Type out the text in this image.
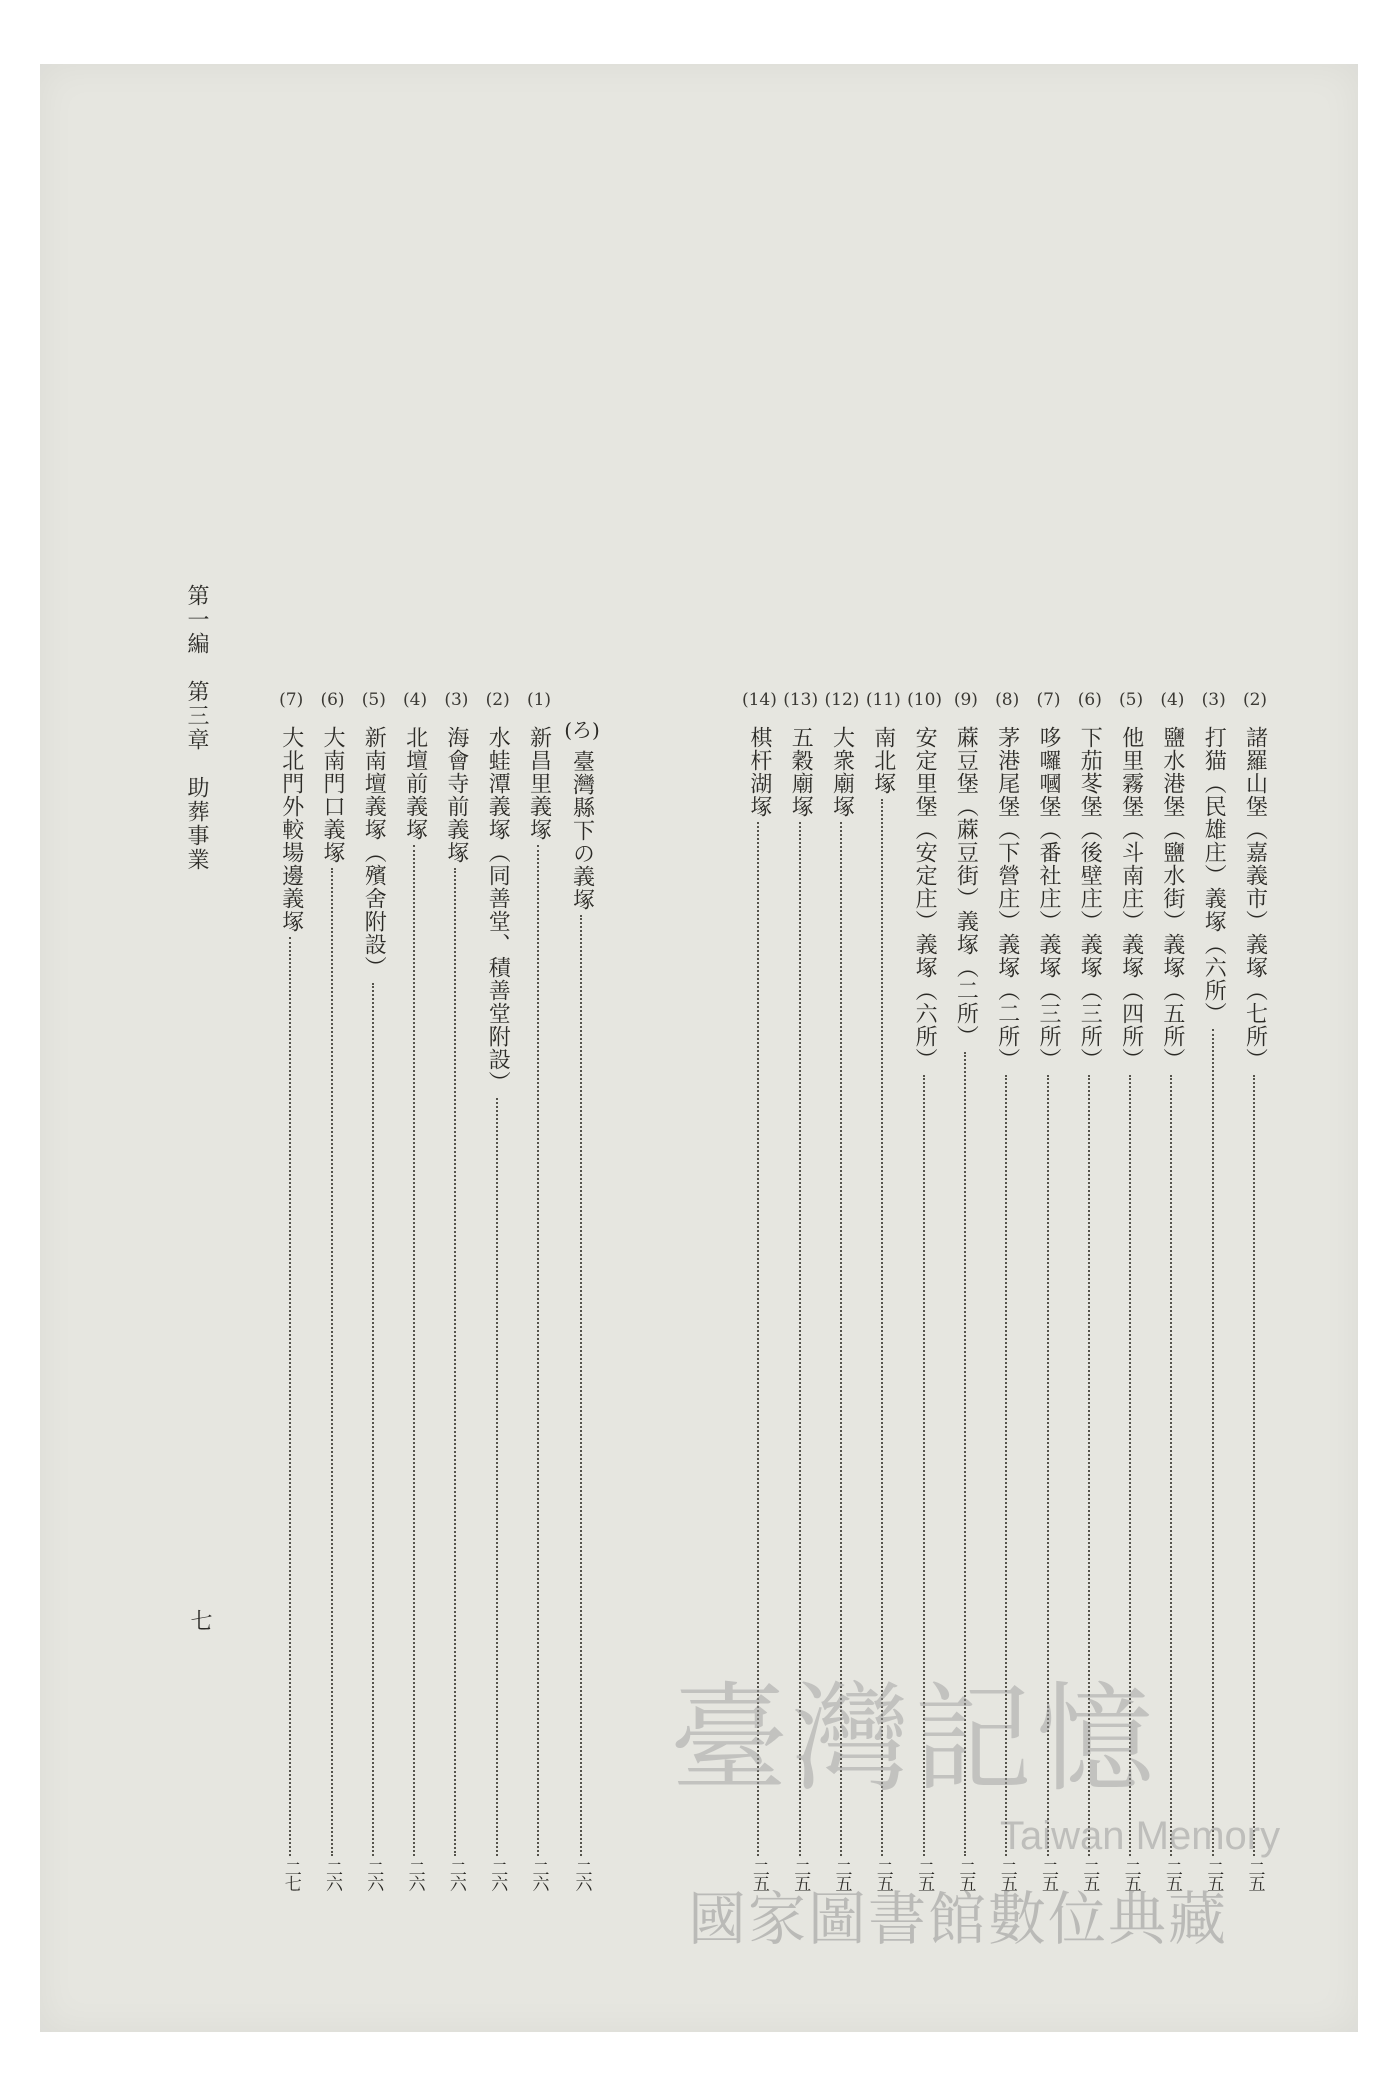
第一編　第三章　助葬事業
七
(2)
諸羅山堡（嘉義市）義塚（七所）
二五
(3)
打猫（民雄庄）義塚（六所）
二五
(4)
鹽水港堡（鹽水街）義塚（五所）
二五
(5)
他里霧堡（斗南庄）義塚（四所）
二五
(6)
下茄苳堡（後壁庄）義塚（三所）
二五
(7)
哆囉嘓堡（番社庄）義塚（三所）
二五
(8)
茅港尾堡（下營庄）義塚（二所）
二五
(9)
蔴豆堡（蔴豆街）義塚（二所）
二五
(10)
安定里堡（安定庄）義塚（六所）
二五
(11)
南北塚
二五
(12)
大衆廟塚
二五
(13)
五穀廟塚
二五
(14)
棋杆湖塚
二五
(ろ)
臺灣縣下の義塚
二六
(1)
新昌里義塚
二六
(2)
水蛙潭義塚（同善堂、積善堂附設）
二六
(3)
海會寺前義塚
二六
(4)
北壇前義塚
二六
(5)
新南壇義塚（殯舍附設）
二六
(6)
大南門口義塚
二六
(7)
大北門外較場邊義塚
二七
臺灣記憶
Taiwan Memory
國家圖書館數位典藏
